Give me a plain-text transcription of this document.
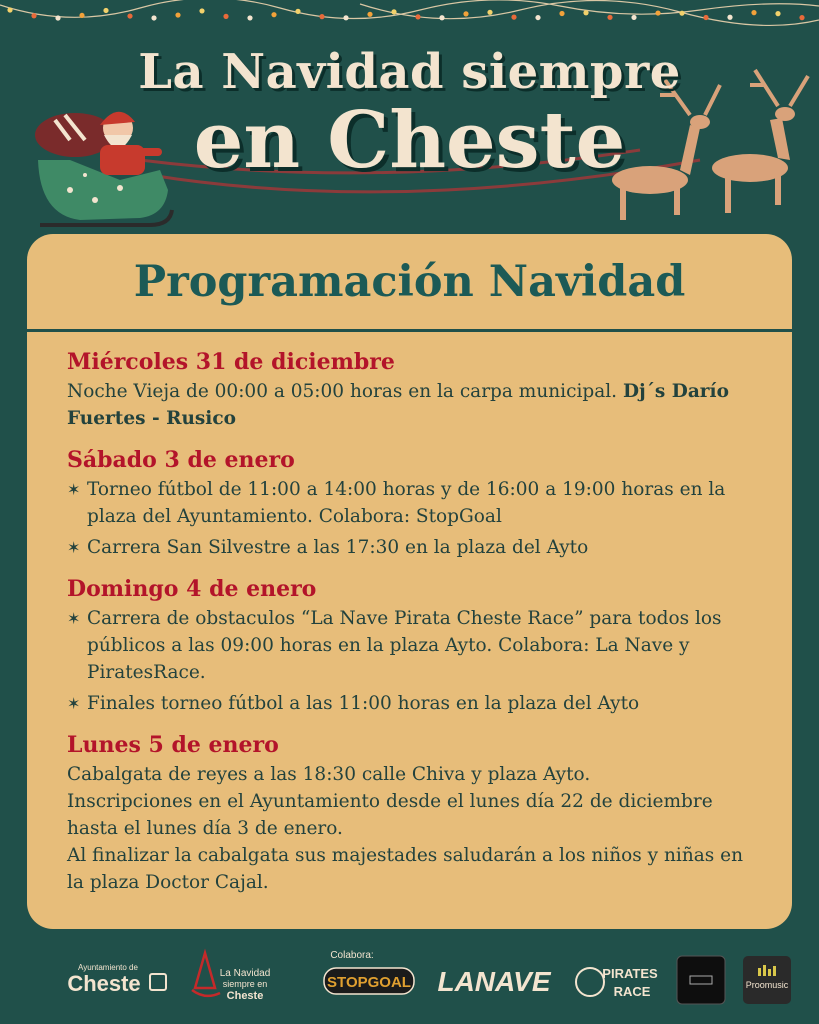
La Navidad siempre
en Cheste
Programación Navidad
Miércoles 31 de diciembre

Noche Vieja de 00:00 a 05:00 horas en la carpa municipal. Dj´s Darío Fuertes - Rusico

Sábado 3 de enero
✶ Torneo fútbol de 11:00 a 14:00 horas y de 16:00 a 19:00 horas en la plaza del Ayuntamiento. Colabora: StopGoal
✶ Carrera San Silvestre a las 17:30 en la plaza del Ayto
Domingo 4 de enero
✶ Carrera de obstaculos “La Nave Pirata Cheste Race” para todos los públicos a las 09:00 horas en la plaza Ayto. Colabora: La Nave y PiratesRace.
✶ Finales torneo fútbol a las 11:00 horas en la plaza del Ayto
Lunes 5 de enero
Cabalgata de reyes a las 18:30 calle Chiva y plaza Ayto.
Inscripciones en el Ayuntamiento desde el lunes día 22 de diciembre hasta el lunes día 3 de enero.
Al finalizar la cabalgata sus majestades saludarán a los niños y niñas en la plaza Doctor Cajal.
Ayuntamiento de
Cheste	La Navidad
siempre en
Cheste
Colabora:
STOPGOAL LANAVE	PIRATES
RACE	Proomusic
